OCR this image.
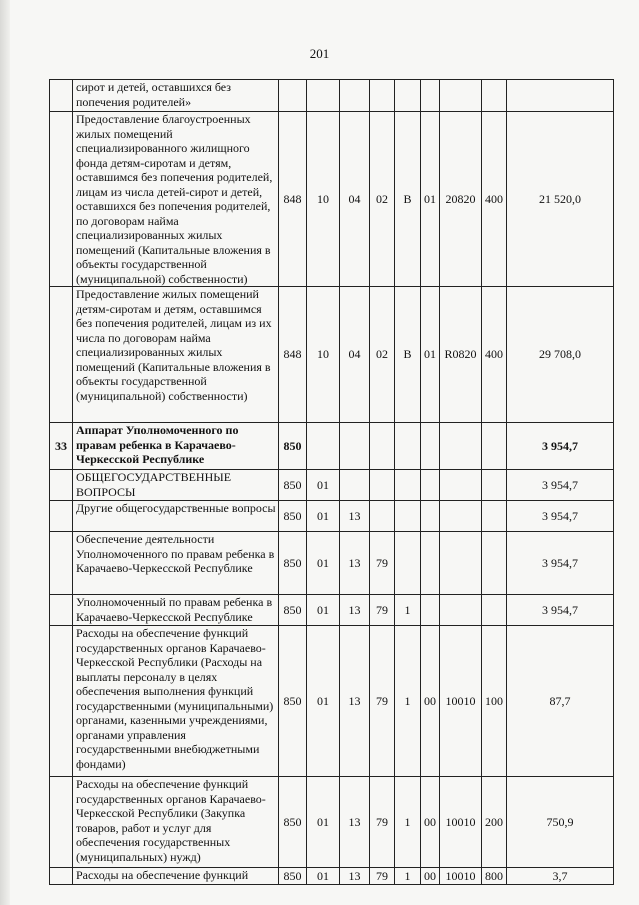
201
	сирот и детей, оставшихся без попечения родителей»									
	Предоставление благоустроенных жилых помещений специализированного жилищного фонда детям-сиротам и детям, оставшимся без попечения родителей, лицам из числа детей-сирот и детей, оставшихся без попечения родителей, по договорам найма специализированных жилых помещений (Капитальные вложения в объекты государственной (муниципальной) собственности)	848	10	04	02	В	01	20820	400	21 520,0
	Предоставление жилых помещений детям-сиротам и детям, оставшимся без попечения родителей, лицам из их числа по договорам найма специализированных жилых помещений (Капитальные вложения в объекты государственной (муниципальной) собственности)	848	10	04	02	В	01	R0820	400	29 708,0
33	Аппарат Уполномоченного по правам ребенка в Карачаево-Черкесской Республике	850								3 954,7
	ОБЩЕГОСУДАРСТВЕННЫЕ ВОПРОСЫ	850	01							3 954,7
	Другие общегосударственные вопросы	850	01	13						3 954,7
	Обеспечение деятельности Уполномоченного по правам ребенка в Карачаево-Черкесской Республике	850	01	13	79					3 954,7
	Уполномоченный по правам ребенка в Карачаево-Черкесской Республике	850	01	13	79	1				3 954,7
	Расходы на обеспечение функций государственных органов Карачаево-Черкесской Республики (Расходы на выплаты персоналу в целях обеспечения выполнения функций государственными (муниципальными) органами, казенными учреждениями, органами управления государственными внебюджетными фондами)	850	01	13	79	1	00	10010	100	87,7
	Расходы на обеспечение функций государственных органов Карачаево-Черкесской Республики (Закупка товаров, работ и услуг для обеспечения государственных (муниципальных) нужд)	850	01	13	79	1	00	10010	200	750,9
	Расходы на обеспечение функций	850	01	13	79	1	00	10010	800	3,7
